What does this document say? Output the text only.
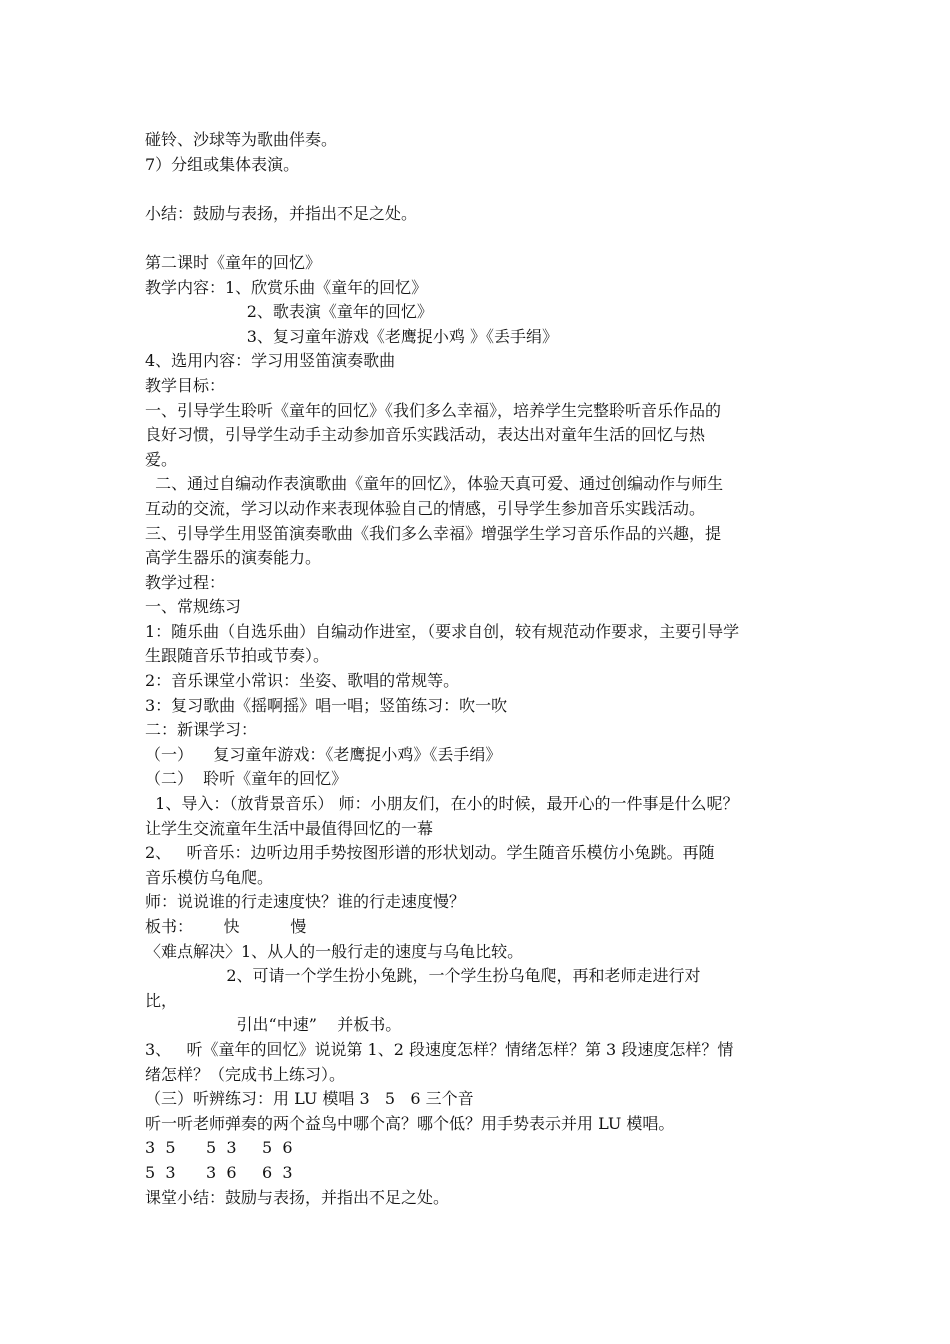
碰铃、沙球等为歌曲伴奏。
7）分组或集体表演。
小结：鼓励与表扬，并指出不足之处。
第二课时《童年的回忆》
教学内容：1、欣赏乐曲《童年的回忆》
2、歌表演《童年的回忆》
3、复习童年游戏《老鹰捉小鸡 》《丢手绢》
4、选用内容：学习用竖笛演奏歌曲
教学目标：
一、引导学生聆听《童年的回忆》《我们多么幸福》，培养学生完整聆听音乐作品的
良好习惯，引导学生动手主动参加音乐实践活动，表达出对童年生活的回忆与热
爱。
二、通过自编动作表演歌曲《童年的回忆》，体验天真可爱、通过创编动作与师生
互动的交流，学习以动作来表现体验自己的情感，引导学生参加音乐实践活动。
三、引导学生用竖笛演奏歌曲《我们多么幸福》增强学生学习音乐作品的兴趣，提
高学生器乐的演奏能力。
教学过程：
一、常规练习
1：随乐曲（自选乐曲）自编动作进室，（要求自创，较有规范动作要求，主要引导学
生跟随音乐节拍或节奏）。
2：音乐课堂小常识：坐姿、歌唱的常规等。
3：复习歌曲《摇啊摇》唱一唱；竖笛练习：吹一吹
二：新课学习：
（一）    复习童年游戏：《老鹰捉小鸡》《丢手绢》
（二）  聆听《童年的回忆》
1、导入：（放背景音乐） 师：小朋友们，在小的时候，最开心的一件事是什么呢？
让学生交流童年生活中最值得回忆的一幕
2、   听音乐：边听边用手势按图形谱的形状划动。学生随音乐模仿小兔跳。再随
音乐模仿乌龟爬。
师：说说谁的行走速度快？谁的行走速度慢？
板书：      快          慢
〈难点解决〉1、从人的一般行走的速度与乌龟比较。
2、可请一个学生扮小兔跳，一个学生扮乌龟爬，再和老师走进行对
比，
引出“中速”    并板书。
3、   听《童年的回忆》说说第 1、2 段速度怎样？情绪怎样？第 3 段速度怎样？情
绪怎样？（完成书上练习）。
（三）听辨练习：用 LU 模唱 3   5   6 三个音
听一听老师弹奏的两个益鸟中哪个高？哪个低？用手势表示并用 LU 模唱。
3  5      5  3     5  6
5  3      3  6     6  3
课堂小结：鼓励与表扬，并指出不足之处。
